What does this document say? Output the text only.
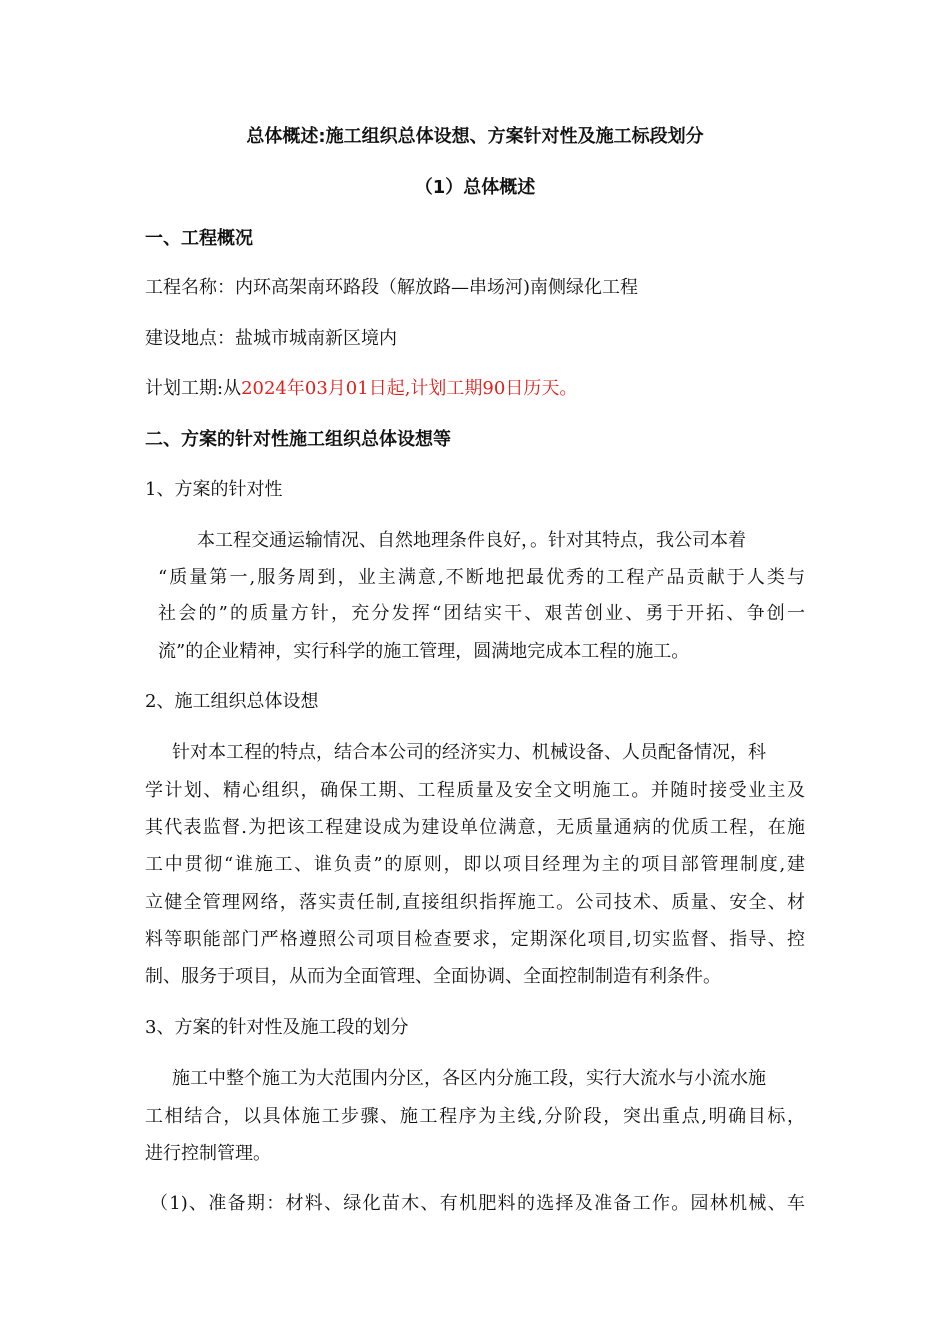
总体概述:施工组织总体设想、方案针对性及施工标段划分
（1）总体概述
一、工程概况
工程名称：内环高架南环路段（解放路—串场河)南侧绿化工程
建设地点：盐城市城南新区境内
计划工期:从2024年03月01日起,计划工期90日历天。
二、方案的针对性施工组织总体设想等
1、方案的针对性
本工程交通运输情况、自然地理条件良好，。针对其特点，我公司本着
“质量第一,服务周到，业主满意,不断地把最优秀的工程产品贡献于人类与
社会的”的质量方针，充分发挥“团结实干、艰苦创业、勇于开拓、争创一
流”的企业精神，实行科学的施工管理，圆满地完成本工程的施工。
2、施工组织总体设想
针对本工程的特点，结合本公司的经济实力、机械设备、人员配备情况，科
学计划、精心组织，确保工期、工程质量及安全文明施工。并随时接受业主及
其代表监督.为把该工程建设成为建设单位满意，无质量通病的优质工程，在施
工中贯彻“谁施工、谁负责”的原则，即以项目经理为主的项目部管理制度,建
立健全管理网络，落实责任制,直接组织指挥施工。公司技术、质量、安全、材
料等职能部门严格遵照公司项目检查要求，定期深化项目,切实监督、指导、控
制、服务于项目，从而为全面管理、全面协调、全面控制制造有利条件。
3、方案的针对性及施工段的划分
施工中整个施工为大范围内分区，各区内分施工段，实行大流水与小流水施
工相结合，以具体施工步骤、施工程序为主线,分阶段，突出重点,明确目标，
进行控制管理。
（1)、准备期：材料、绿化苗木、有机肥料的选择及准备工作。园林机械、车
